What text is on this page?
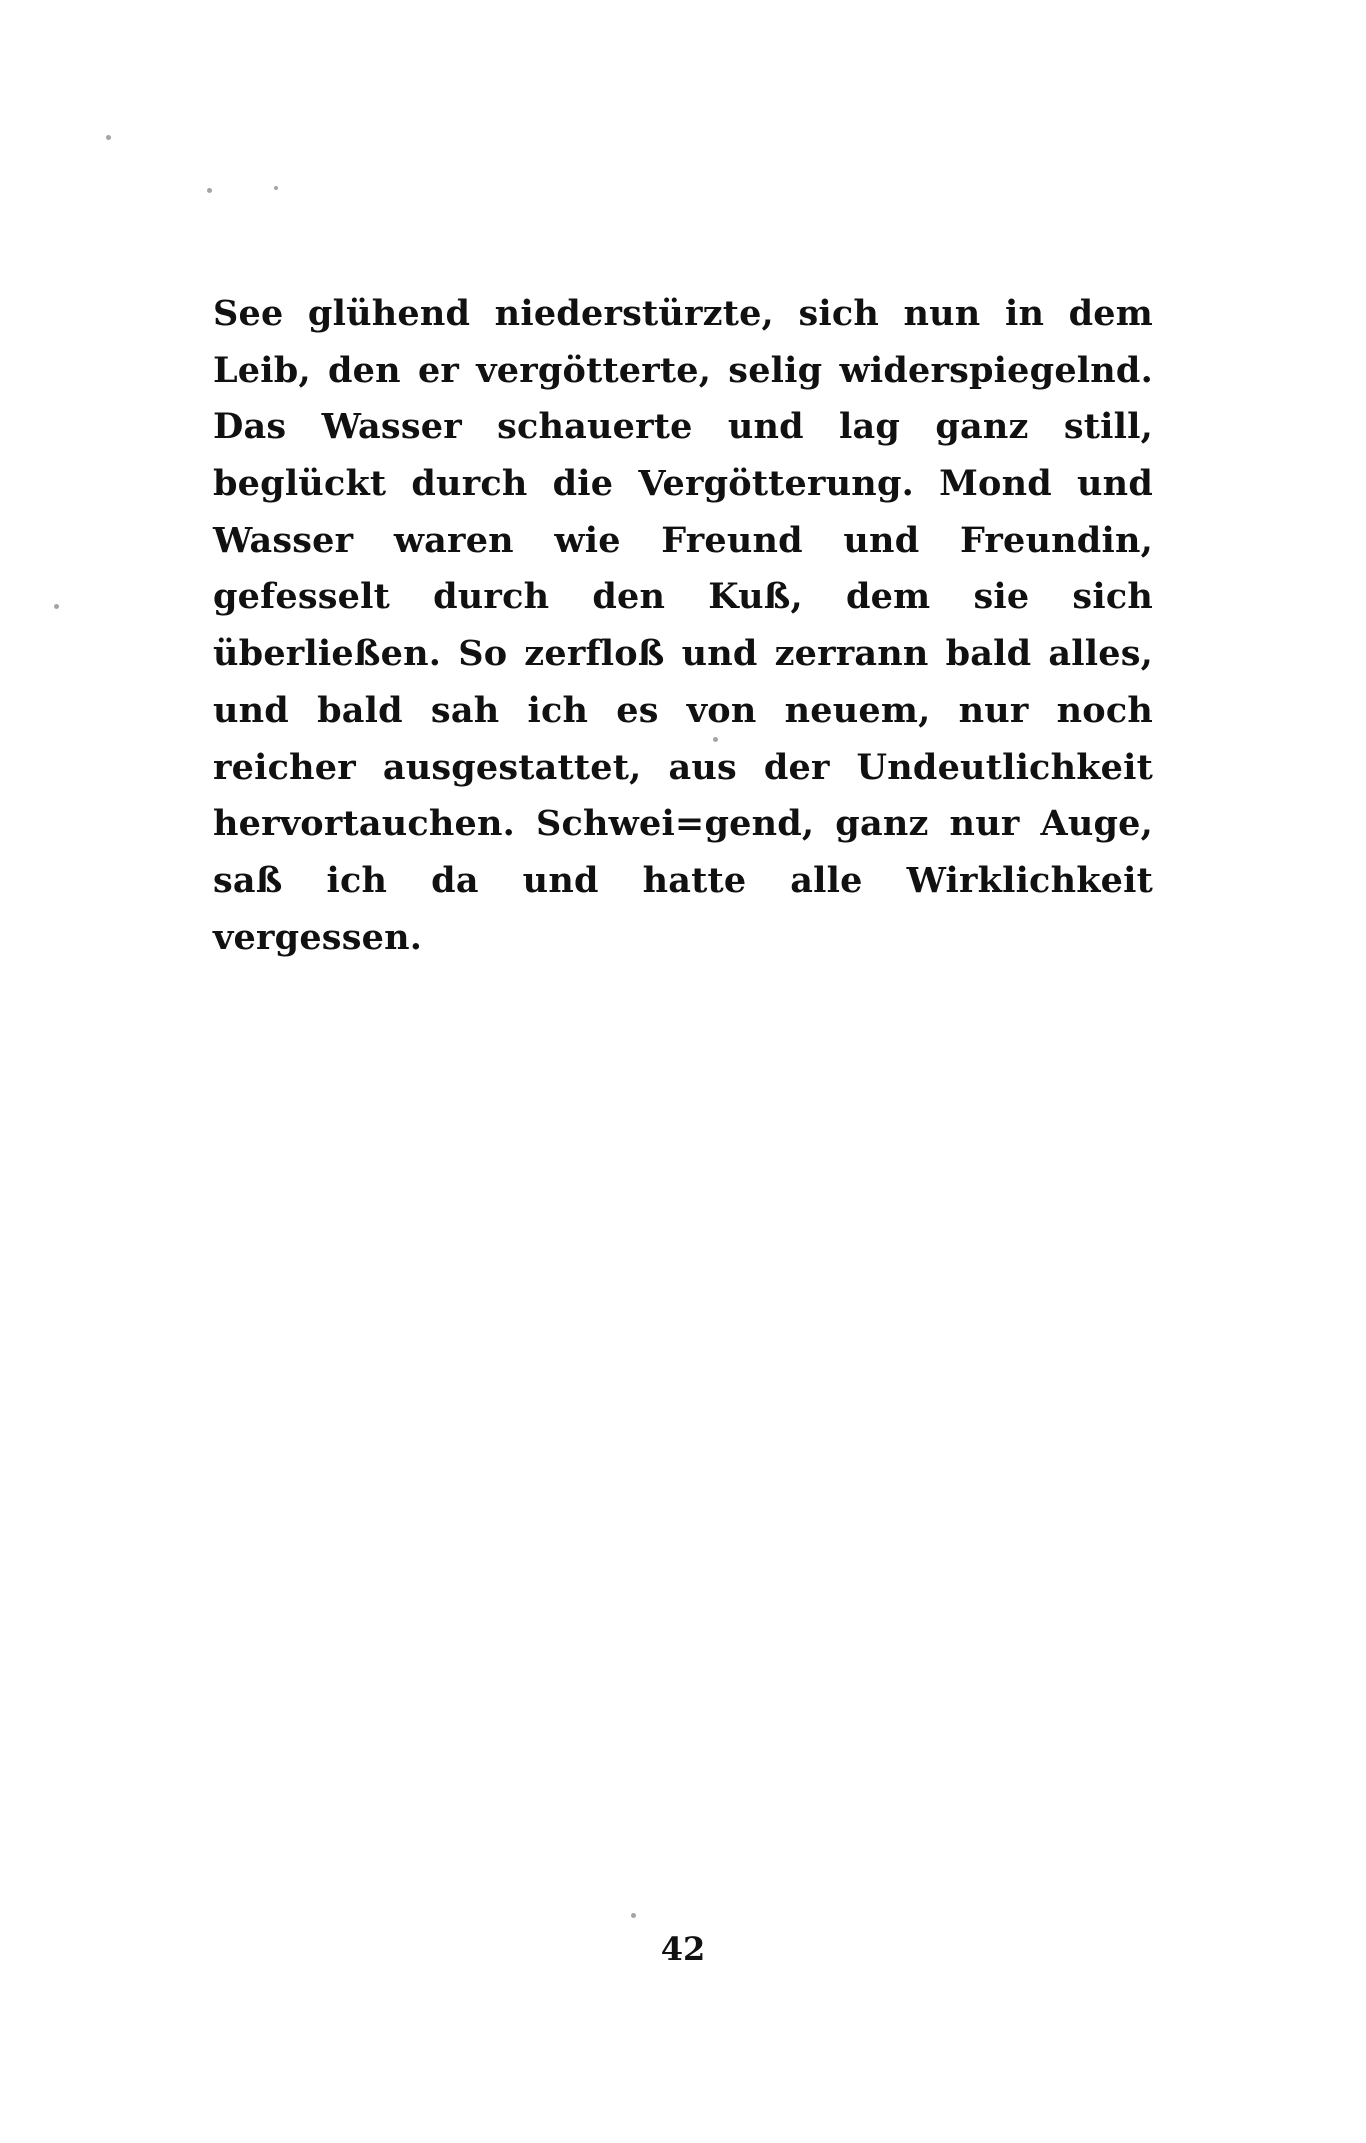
See glühend niederstürzte, sich nun in dem Leib, den er vergötterte, selig widerspiegelnd. Das Wasser schauerte und lag ganz still, beglückt durch die Vergötterung. Mond und Wasser waren wie Freund und Freundin, gefesselt durch den Kuß, dem sie sich überließen. So zerfloß und zerrann bald alles, und bald sah ich es von neuem, nur noch reicher ausgestattet, aus der Undeutlichkeit hervortauchen. Schwei=gend, ganz nur Auge, saß ich da und hatte alle Wirklichkeit vergessen.

42
